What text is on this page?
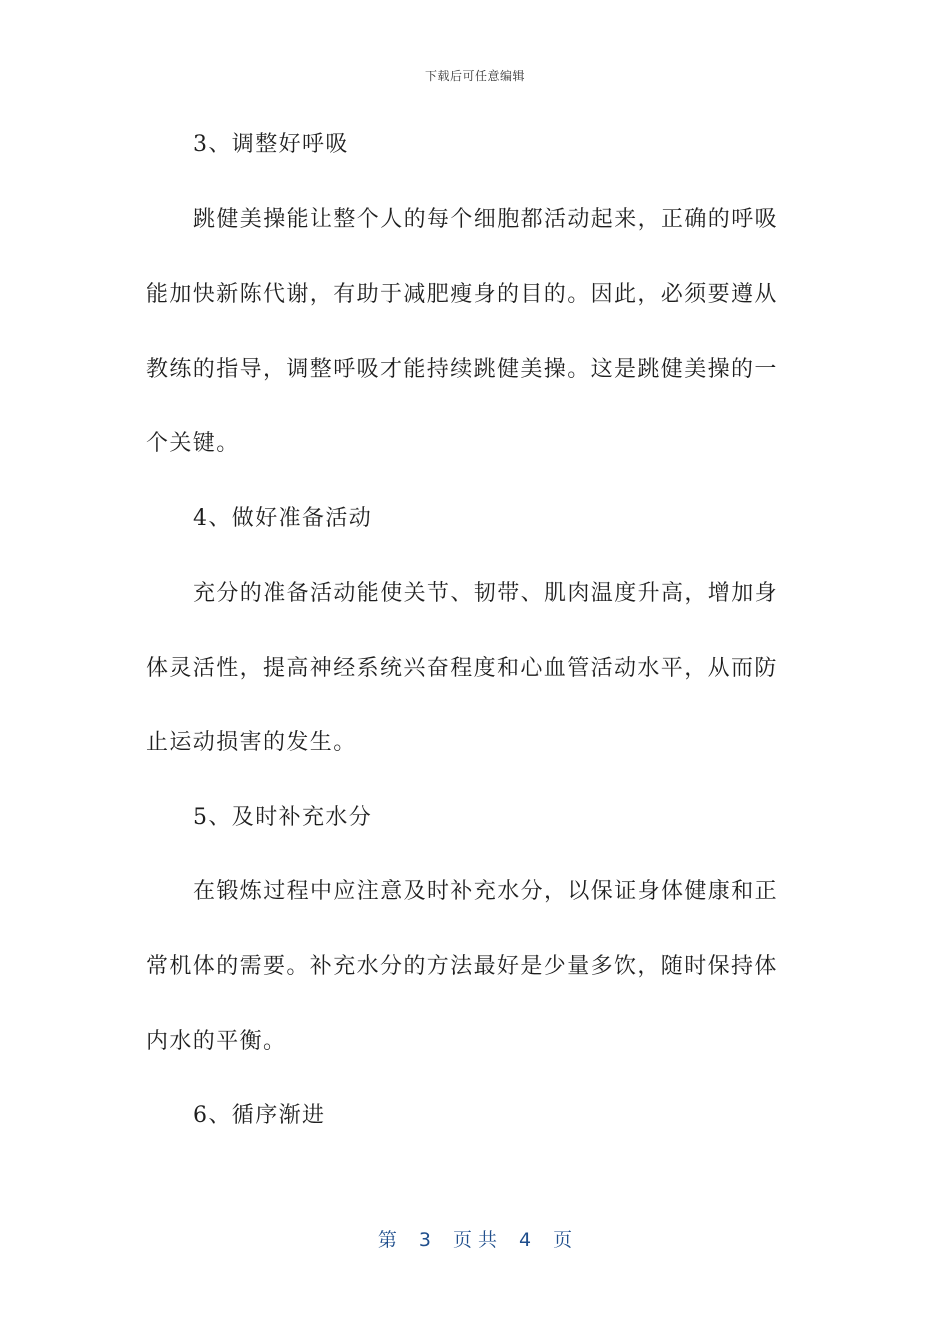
下载后可任意编辑
3、调整好呼吸
跳健美操能让整个人的每个细胞都活动起来，正确的呼吸
能加快新陈代谢，有助于减肥瘦身的目的。因此，必须要遵从
教练的指导，调整呼吸才能持续跳健美操。这是跳健美操的一
个关键。
4、做好准备活动
充分的准备活动能使关节、韧带、肌肉温度升高，增加身
体灵活性，提高神经系统兴奋程度和心血管活动水平，从而防
止运动损害的发生。
5、及时补充水分
在锻炼过程中应注意及时补充水分，以保证身体健康和正
常机体的需要。补充水分的方法最好是少量多饮，随时保持体
内水的平衡。
6、循序渐进
第 3 页 共 4 页
